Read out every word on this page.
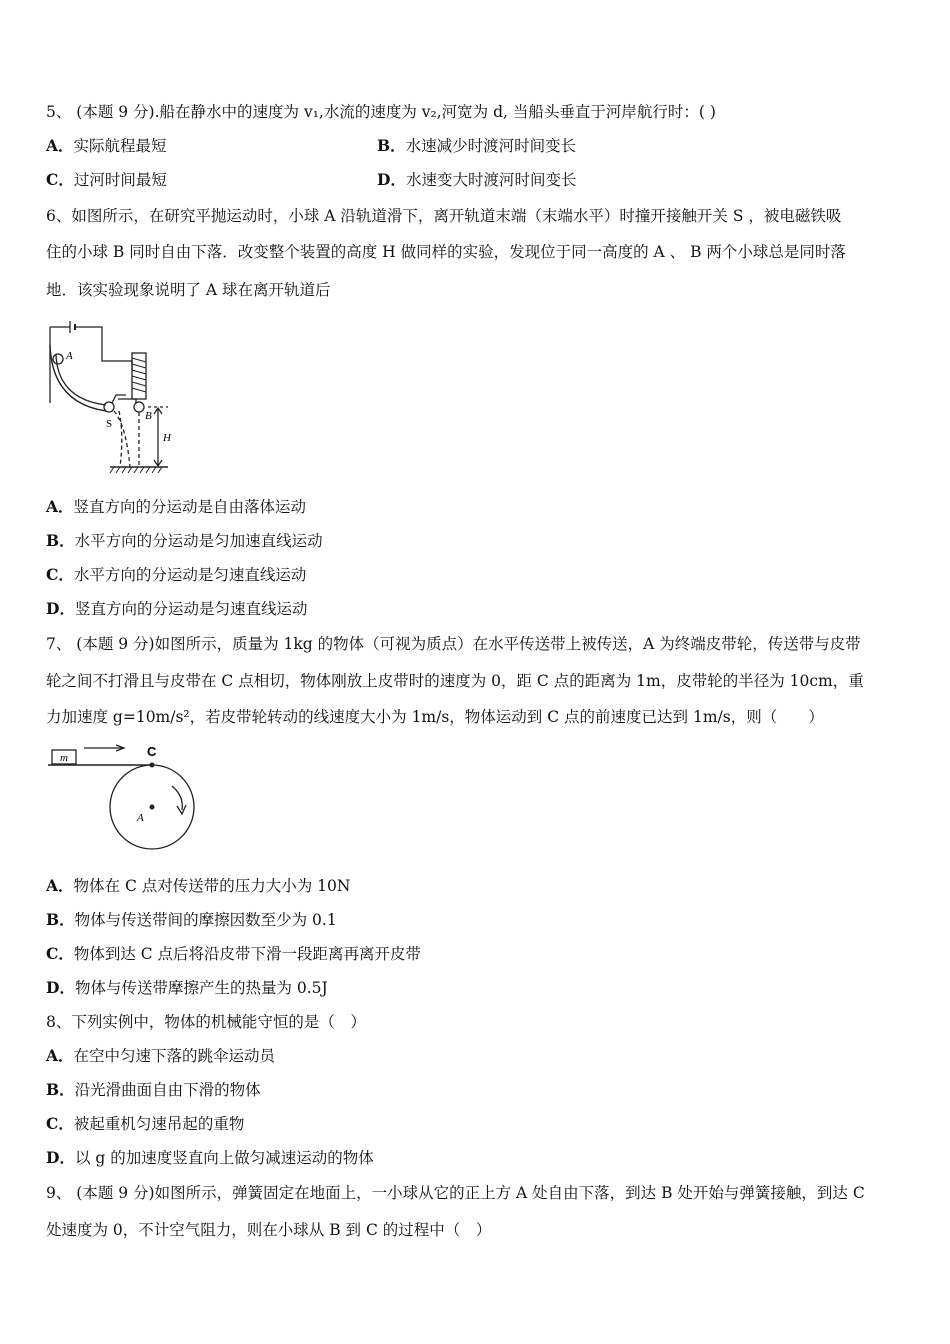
5、 (本题 9 分).船在静水中的速度为 v₁,水流的速度为 v₂,河宽为 d, 当船头垂直于河岸航行时：( )
A．实际航程最短	B．水速减少时渡河时间变长
C．过河时间最短	D．水速变大时渡河时间变长
6、如图所示，在研究平抛运动时，小球 A 沿轨道滑下，离开轨道末端（末端水平）时撞开接触开关 S ，被电磁铁吸
住的小球 B 同时自由下落．改变整个装置的高度 H 做同样的实验，发现位于同一高度的 A 、 B 两个小球总是同时落
地．该实验现象说明了 A 球在离开轨道后
A
S
B
H
A．竖直方向的分运动是自由落体运动
B．水平方向的分运动是匀加速直线运动
C．水平方向的分运动是匀速直线运动
D．竖直方向的分运动是匀速直线运动
7、 (本题 9 分)如图所示，质量为 1kg 的物体（可视为质点）在水平传送带上被传送，A 为终端皮带轮，传送带与皮带
轮之间不打滑且与皮带在 C 点相切，物体刚放上皮带时的速度为 0，距 C 点的距离为 1m，皮带轮的半径为 10cm，重
力加速度 g=10m/s²，若皮带轮转动的线速度大小为 1m/s，物体运动到 C 点的前速度已达到 1m/s，则（　　）
m	C
A
A．物体在 C 点对传送带的压力大小为 10N
B．物体与传送带间的摩擦因数至少为 0.1
C．物体到达 C 点后将沿皮带下滑一段距离再离开皮带
D．物体与传送带摩擦产生的热量为 0.5J
8、下列实例中，物体的机械能守恒的是（　）
A．在空中匀速下落的跳伞运动员
B．沿光滑曲面自由下滑的物体
C．被起重机匀速吊起的重物
D．以 g 的加速度竖直向上做匀减速运动的物体
9、 (本题 9 分)如图所示，弹簧固定在地面上，一小球从它的正上方 A 处自由下落，到达 B 处开始与弹簧接触，到达 C
处速度为 0，不计空气阻力，则在小球从 B 到 C 的过程中（　）
